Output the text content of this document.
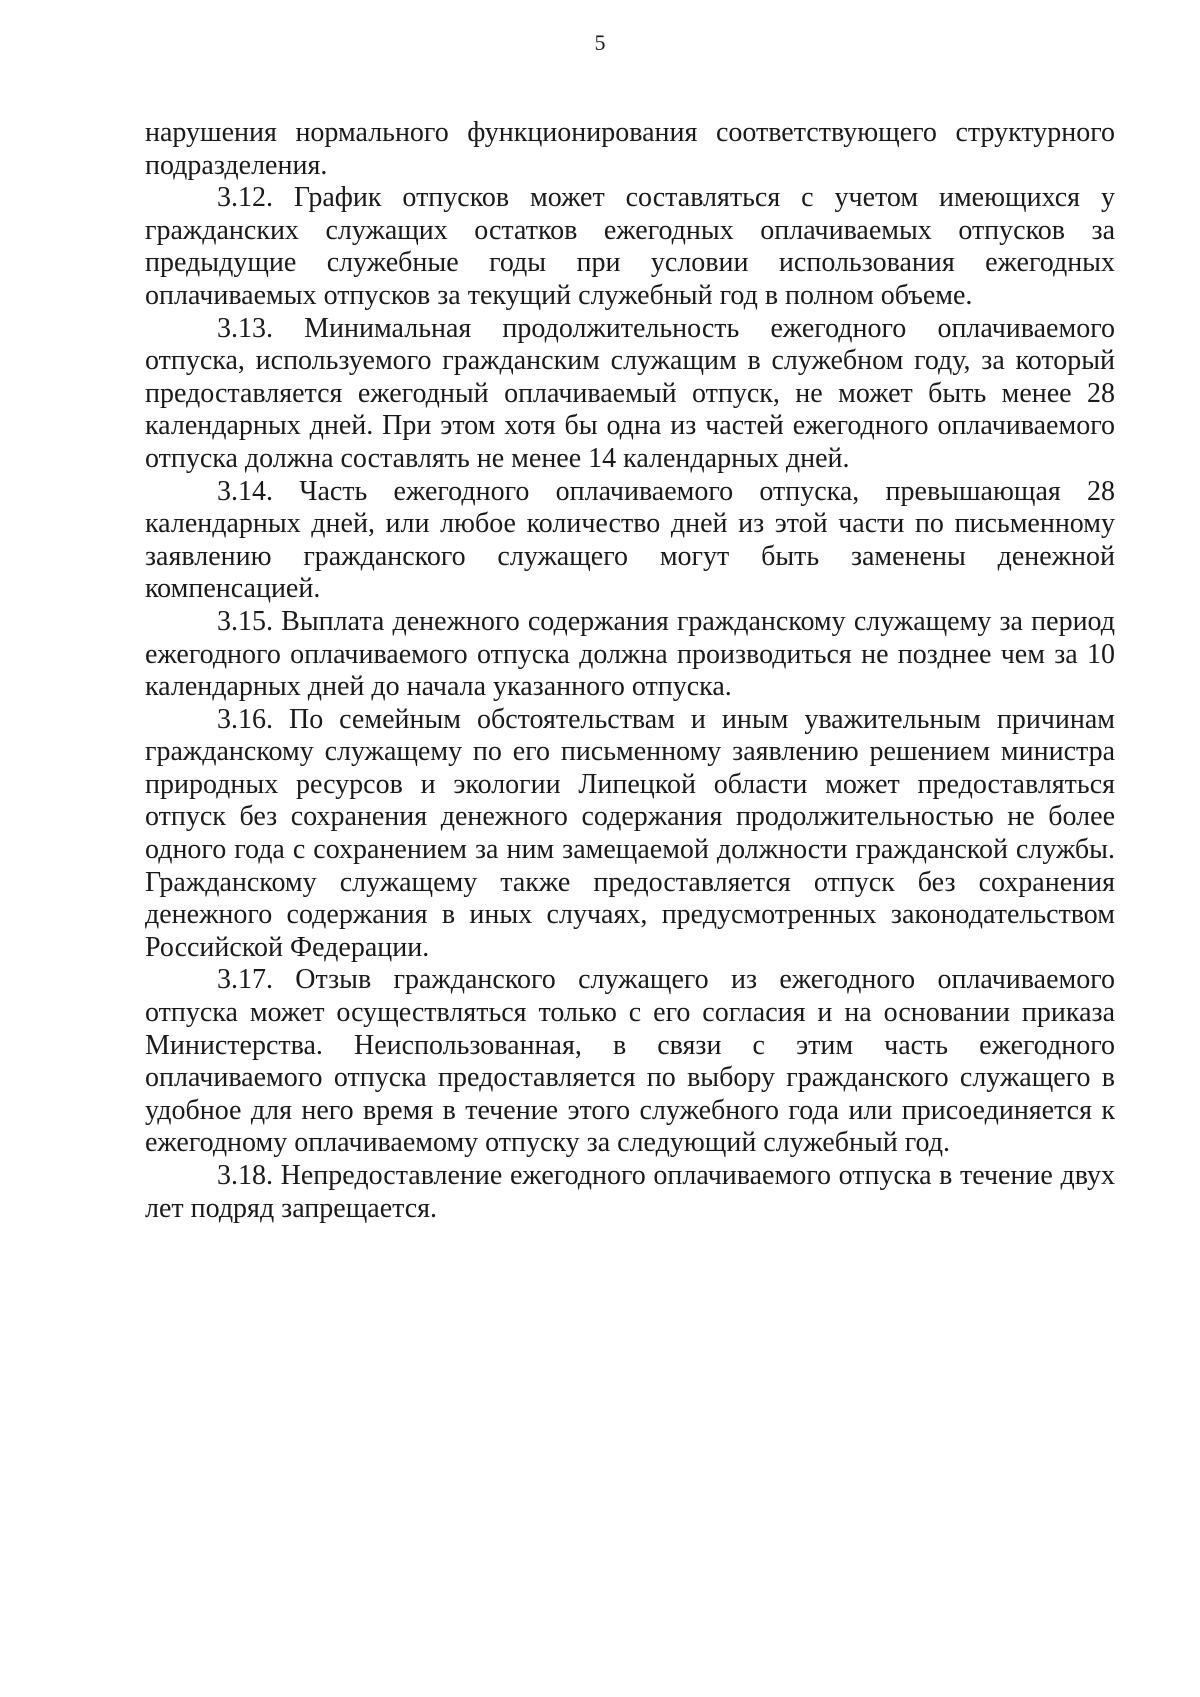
5

нарушения нормального функционирования соответствующего структурного подразделения.

3.12. График отпусков может составляться с учетом имеющихся у гражданских служащих остатков ежегодных оплачиваемых отпусков за предыдущие служебные годы при условии использования ежегодных оплачиваемых отпусков за текущий служебный год в полном объеме.

3.13. Минимальная продолжительность ежегодного оплачиваемого отпуска, используемого гражданским служащим в служебном году, за который предоставляется ежегодный оплачиваемый отпуск, не может быть менее 28 календарных дней. При этом хотя бы одна из частей ежегодного оплачиваемого отпуска должна составлять не менее 14 календарных дней.

3.14. Часть ежегодного оплачиваемого отпуска, превышающая 28 календарных дней, или любое количество дней из этой части по письменному заявлению гражданского служащего могут быть заменены денежной компенсацией.

3.15. Выплата денежного содержания гражданскому служащему за период ежегодного оплачиваемого отпуска должна производиться не позднее чем за 10 календарных дней до начала указанного отпуска.

3.16. По семейным обстоятельствам и иным уважительным причинам гражданскому служащему по его письменному заявлению решением министра природных ресурсов и экологии Липецкой области может предоставляться отпуск без сохранения денежного содержания продолжительностью не более одного года с сохранением за ним замещаемой должности гражданской службы. Гражданскому служащему также предоставляется отпуск без сохранения денежного содержания в иных случаях, предусмотренных законодательством Российской Федерации.

3.17. Отзыв гражданского служащего из ежегодного оплачиваемого отпуска может осуществляться только с его согласия и на основании приказа Министерства. Неиспользованная, в связи с этим часть ежегодного оплачиваемого отпуска предоставляется по выбору гражданского служащего в удобное для него время в течение этого служебного года или присоединяется к ежегодному оплачиваемому отпуску за следующий служебный год.

3.18. Непредоставление ежегодного оплачиваемого отпуска в течение двух лет подряд запрещается.
